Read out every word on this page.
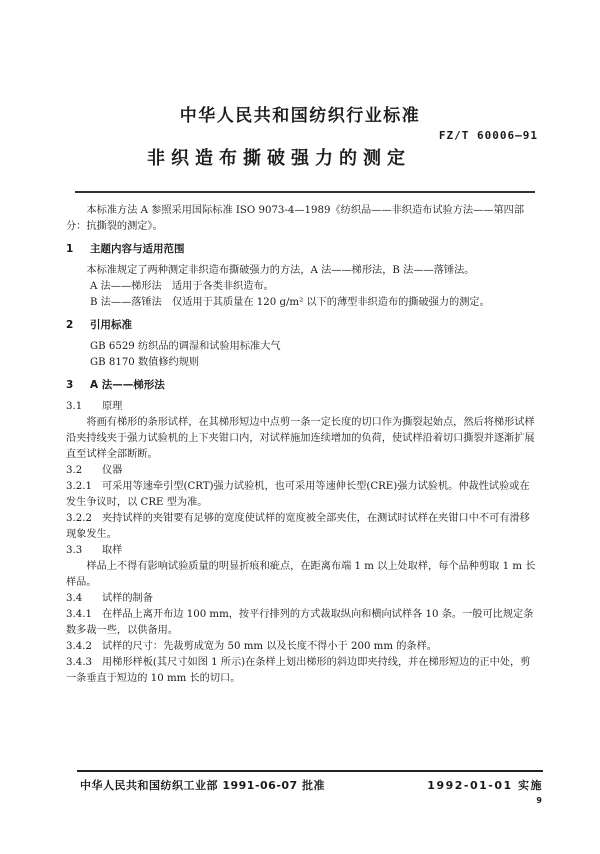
中华人民共和国纺织行业标准
FZ/T 60006—91
非织造布撕破强力的测定

本标准方法 A 参照采用国际标准 ISO 9073-4—1989《纺织品——非织造布试验方法——第四部分：抗撕裂的测定》。

1 主题内容与适用范围

本标准规定了两种测定非织造布撕破强力的方法，A 法——梯形法，B 法——落锤法。

A 法——梯形法　适用于各类非织造布。

B 法——落锤法　仅适用于其质量在 120 g/m² 以下的薄型非织造布的撕破强力的测定。

2 引用标准

GB 6529 纺织品的调湿和试验用标准大气

GB 8170 数值修约规则

3 A 法——梯形法
3.1 原理

将画有梯形的条形试样，在其梯形短边中点剪一条一定长度的切口作为撕裂起始点，然后将梯形试样沿夹持线夹于强力试验机的上下夹钳口内，对试样施加连续增加的负荷，使试样沿着切口撕裂并逐渐扩展直至试样全部断断。

3.2 仪器

3.2.1 可采用等速牵引型(CRT)强力试验机，也可采用等速伸长型(CRE)强力试验机。仲裁性试验或在发生争议时，以 CRE 型为准。

3.2.2 夹持试样的夹钳要有足够的宽度使试样的宽度被全部夹住，在测试时试样在夹钳口中不可有滑移现象发生。

3.3 取样

样品上不得有影响试验质量的明显折痕和疵点，在距离布端 1 m 以上处取样，每个品种剪取 1 m 长样品。

3.4 试样的制备

3.4.1 在样品上离开布边 100 mm，按平行排列的方式裁取纵向和横向试样各 10 条。一般可比规定条数多裁一些，以供备用。

3.4.2 试样的尺寸：先裁剪成宽为 50 mm 以及长度不得小于 200 mm 的条样。

3.4.3 用梯形样板(其尺寸如图 1 所示)在条样上划出梯形的斜边即夹持线，并在梯形短边的正中处，剪一条垂直于短边的 10 mm 长的切口。

中华人民共和国纺织工业部 1991-06-07 批准	1992-01-01 实施
9
